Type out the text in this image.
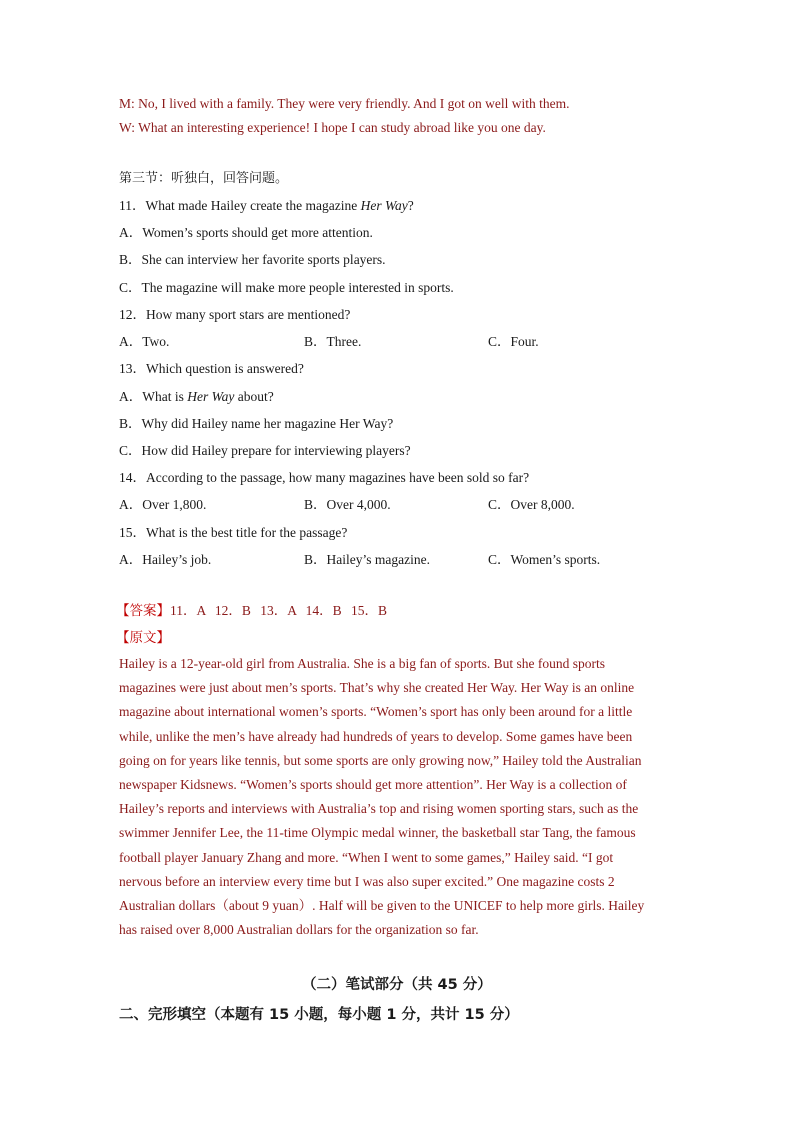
M: No, I lived with a family. They were very friendly. And I got on well with them.
W: What an interesting experience! I hope I can study abroad like you one day.
第三节：听独白，回答问题。
11．What made Hailey create the magazine Her Way?
A．Women’s sports should get more attention.
B．She can interview her favorite sports players.
C．The magazine will make more people interested in sports.
12．How many sport stars are mentioned?
A．Two.	B．Three.	C．Four.
13．Which question is answered?
A．What is Her Way about?
B．Why did Hailey name her magazine Her Way?
C．How did Hailey prepare for interviewing players?
14．According to the passage, how many magazines have been sold so far?
A．Over 1,800.	B．Over 4,000.	C．Over 8,000.
15．What is the best title for the passage?
A．Hailey’s job.	B．Hailey’s magazine.	C．Women’s sports.
【答案】11．A 12．B 13．A 14．B 15．B
【原文】
Hailey is a 12-year-old girl from Australia. She is a big fan of sports. But she found sports
magazines were just about men’s sports. That’s why she created Her Way. Her Way is an online
magazine about international women’s sports. “Women’s sport has only been around for a little
while, unlike the men’s have already had hundreds of years to develop. Some games have been
going on for years like tennis, but some sports are only growing now,” Hailey told the Australian
newspaper Kidsnews. “Women’s sports should get more attention”. Her Way is a collection of
Hailey’s reports and interviews with Australia’s top and rising women sporting stars, such as the
swimmer Jennifer Lee, the 11-time Olympic medal winner, the basketball star Tang, the famous
football player January Zhang and more. “When I went to some games,” Hailey said. “I got
nervous before an interview every time but I was also super excited.” One magazine costs 2
Australian dollars（about 9 yuan）. Half will be given to the UNICEF to help more girls. Hailey
has raised over 8,000 Australian dollars for the organization so far.
（二）笔试部分（共 45 分）
二、完形填空（本题有 15 小题，每小题 1 分，共计 15 分）
